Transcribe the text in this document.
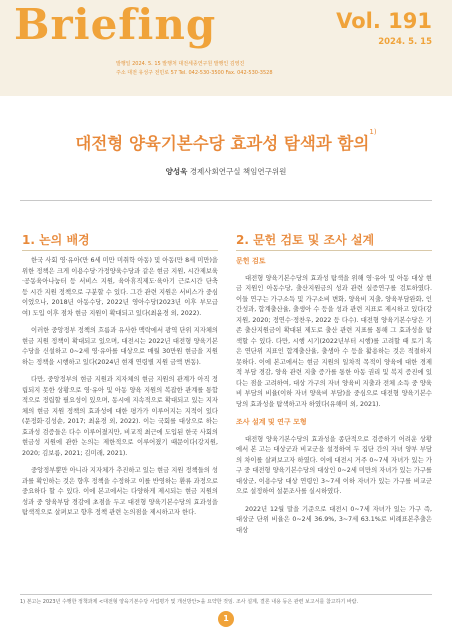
Briefing	Vol. 191
2024. 5. 15
발행일 2024. 5. 15 발행처 대전세종연구원 발행인 김영진
주소 대전 유성구 전민로 57 Tel. 042-530-3500 Fax. 042-530-3528
대전형 양육기본수당 효과성 탐색과 함의$^{1)}$
양성욱 경제사회연구실 책임연구위원
1. 논의 배경

한국 사회 영·유아(만 6세 미만 미취학 아동) 및 아동(만 8세 미만)을 위한 정책은 크게 이용수당·가정양육수당과 같은 현금 지원, 시간제보육·공동육아나눔터 등 서비스 지원, 육아휴직제도·육아기 근로시간 단축 등 시간 지원 정책으로 구분할 수 있다. 그간 관련 지원은 서비스가 중심이었으나, 2018년 아동수당, 2022년 영아수당(2023년 이후 부모급여) 도입 이후 점차 현금 지원이 확대되고 있다(최윤경 외, 2022).

이러한 중앙정부 정책의 흐름과 유사한 맥락에서 광역 단위 지자체의 현금 지원 정책이 확대되고 있으며, 대전시는 2022년 대전형 양육기본수당을 신설하고 0~2세 영·유아를 대상으로 매월 30만원 현금을 지원하는 정책을 시행하고 있다(2024년 현재 연령별 지원 금액 변동).

다만, 중앙정부의 현금 지원과 지자체의 현금 지원의 관계가 아직 정립되지 못한 상황으로 영·유아 및 아동 양육 지원의 복잡한 관계를 통합적으로 정립할 필요성이 있으며, 동시에 지속적으로 확대되고 있는 지자체의 현금 지원 정책의 효과성에 대한 평가가 이루어지는 지적이 있다(문정화·김성순, 2017; 최윤경 외, 2022). 이는 국회를 대상으로 하는 효과성 검증들은 다수 이루어졌지만, 비교적 최근에 도입된 한국 사회의 현금성 지원에 관한 논의는 제한적으로 이루어졌기 때문이다(강지원, 2020; 김보름, 2021; 김미래, 2021).

중앙정부뿐만 아니라 지자체가 추진하고 있는 현금 지원 정책들의 성과를 확인하는 것은 향후 정책을 수정하고 이를 반영하는 환류 과정으로 중요하다 할 수 있다. 이에 본고에서는 다양하게 제시되는 현금 지원의 성과 중 양육부담 경감에 초점을 두고 대전형 양육기본수당의 효과성을 탐색적으로 살펴보고 향후 정책 관련 논의점을 제시하고자 한다.

2. 문헌 검토 및 조사 설계

문헌 검토

대전형 양육기본수당의 효과성 탐색을 위해 영·유아 및 아동 대상 현금 지원인 아동수당, 출산지원금의 성과 관련 실증연구를 검토하였다. 이들 연구는 가구소득 및 가구소비 변화, 양육비 지출, 양육부담완화, 인간성과, 합계출산율, 출생아 수 등을 성과 관련 지표로 제시하고 있다(강지원, 2020; 정연수·정찬우, 2022 등 다수). 대전형 양육기본수당은 기존 출산지원금이 확대된 제도로 출산 관련 지표를 통해 그 효과성을 탐색할 수 있다. 다만, 시행 시기(2022년부터 시행)를 고려할 때 토기 혹은 연단위 지표인 합계출산율, 출생아 수 등을 활용하는 것은 적절하지 못하다. 이에 본고에서는 현금 지원의 일차적 목적이 양육에 대한 경제적 부담 경감, 양육 관련 지출 증가를 통한 아동 권리 및 복지 증진에 있다는 점을 고려하여, 대상 가구의 자녀 양육비 지출과 전체 소득 중 양육비 부담의 비율(이하 자녀 양육비 부담)을 중심으로 대전형 양육기본수당의 효과성을 탐색하고자 하였다(유해미 외, 2021).

조사 설계 및 연구 모형

대전형 양육기본수당의 효과성을 종단적으로 검증하기 어려운 상황에서 본 고는 대상군과 비교군을 설정하여 두 집단 간의 자녀 양부 부담의 차이를 살펴보고자 하였다. 이에 대전시 거주 0~7세 자녀가 있는 가구 중 대전형 양육기본수당의 대상인 0~2세 미만의 자녀가 있는 가구를 대상군, 이용수당 대상 연령인 3~7세 이하 자녀가 있는 가구를 비교군으로 설정하여 설문조사를 실시하였다.

2022년 12월 말을 기준으로 대전시 0~7세 자녀가 있는 가구 즉, 대상군 단위 비율은 0~2세 36.9%, 3~7세 63.1%로 비례표본추출은 대상

1) 본고는 2023년 수행한 정책과제 <대전형 양육기본수당 사업평가 및 개선방안>을 요약한 것임. 조사 설계, 결론 내용 등은 관련 보고서를 참고하기 바람.
1
